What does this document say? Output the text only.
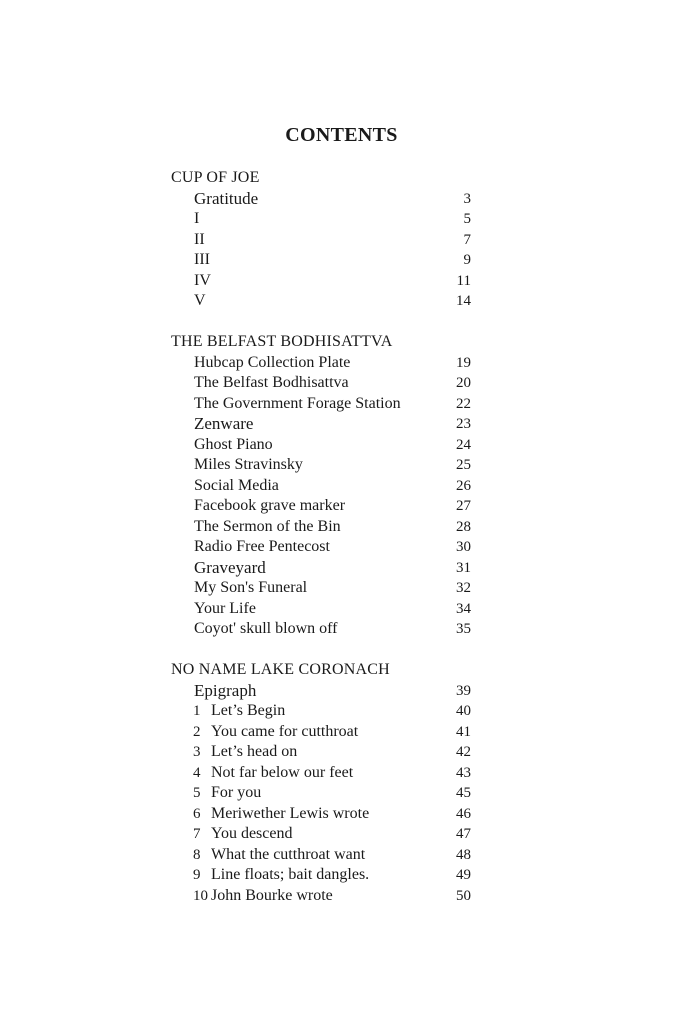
CONTENTS
CUP OF JOE
Gratitude	3
I	5
II	7
III	9
IV	11
V	14
THE BELFAST BODHISATTVA
Hubcap Collection Plate	19
The Belfast Bodhisattva	20
The Government Forage Station	22
Zenware	23
Ghost Piano	24
Miles Stravinsky	25
Social Media	26
Facebook grave marker	27
The Sermon of the Bin	28
Radio Free Pentecost	30
Graveyard	31
My Son's Funeral	32
Your Life	34
Coyot' skull blown off	35
NO NAME LAKE CORONACH
Epigraph	39
1 Let’s Begin	40
2 You came for cutthroat	41
3 Let’s head on	42
4 Not far below our feet	43
5 For you	45
6 Meriwether Lewis wrote	46
7 You descend	47
8 What the cutthroat want	48
9 Line floats; bait dangles.	49
10 John Bourke wrote	50
